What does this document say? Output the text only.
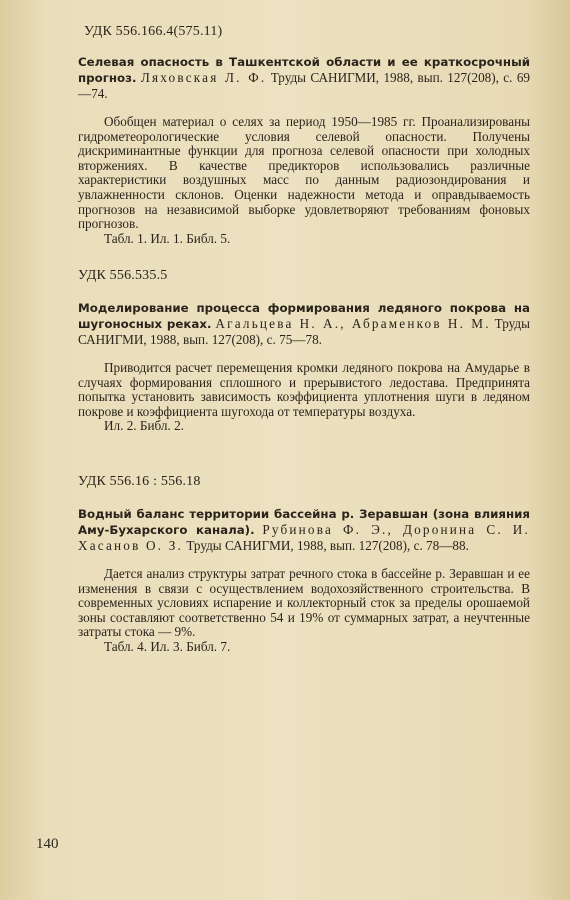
УДК 556.166.4(575.11)

Селевая опасность в Ташкентской области и ее краткосрочный прогноз. Ляховская Л. Ф. Труды САНИГМИ, 1988, вып. 127(208), с. 69—74.

Обобщен материал о селях за период 1950—1985 гг. Проанализированы гидрометеорологические условия селевой опасности. Получены дискриминантные функции для прогноза селевой опасности при холодных вторжениях. В качестве предикторов использовались различные характеристики воздушных масс по данным радиозондирования и увлажненности склонов. Оценки надежности метода и оправдываемость прогнозов на независимой выборке удовлетворяют требованиям фоновых прогнозов.

Табл. 1. Ил. 1. Библ. 5.

УДК 556.535.5

Моделирование процесса формирования ледяного покрова на шугоносных реках. Агальцева Н. А., Абраменков Н. М. Труды САНИГМИ, 1988, вып. 127(208), с. 75—78.

Приводится расчет перемещения кромки ледяного покрова на Амударье в случаях формирования сплошного и прерывистого ледостава. Предпринята попытка установить зависимость коэффициента уплотнения шуги в ледяном покрове и коэффициента шугохода от температуры воздуха.

Ил. 2. Библ. 2.

УДК 556.16 : 556.18

Водный баланс территории бассейна р. Зеравшан (зона влияния Аму-Бухарского канала). Рубинова Ф. Э., Доронина С. И. Хасанов О. З. Труды САНИГМИ, 1988, вып. 127(208), с. 78—88.

Дается анализ структуры затрат речного стока в бассейне р. Зеравшан и ее изменения в связи с осуществлением водохозяйственного строительства. В современных условиях испарение и коллекторный сток за пределы орошаемой зоны составляют соответственно 54 и 19% от суммарных затрат, а неучтенные затраты стока — 9%.

Табл. 4. Ил. 3. Библ. 7.

140
